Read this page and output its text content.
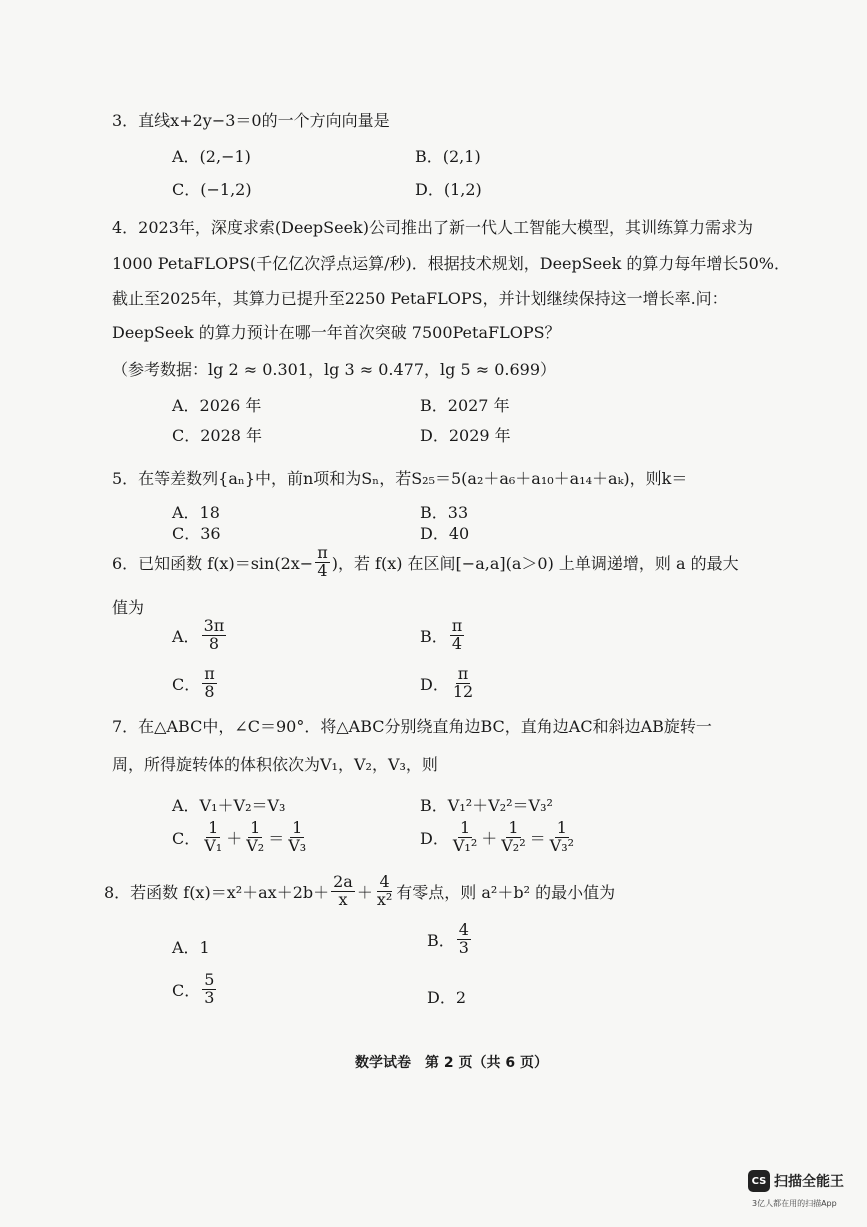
3．直线x+2y−3＝0的一个方向向量是
A．(2,−1)	B．(2,1)
C．(−1,2)	D．(1,2)
4．2023年，深度求索(DeepSeek)公司推出了新一代人工智能大模型，其训练算力需求为
1000 PetaFLOPS(千亿亿次浮点运算/秒)．根据技术规划，DeepSeek 的算力每年增长50%．
截止至2025年，其算力已提升至2250 PetaFLOPS，并计划继续保持这一增长率.问：
DeepSeek 的算力预计在哪一年首次突破 7500PetaFLOPS？
（参考数据：lg 2 ≈ 0.301，lg 3 ≈ 0.477，lg 5 ≈ 0.699）
A．2026 年	B．2027 年
C．2028 年	D．2029 年
5．在等差数列{aₙ}中，前n项和为Sₙ，若S₂₅＝5(a₂＋a₆＋a₁₀＋a₁₄＋aₖ)，则k＝
A．18	B．33
C．36	D．40
6．已知函数 $f(x)=\sin(2x- \frac{\pi}{4}$ )，若 f(x) 在区间[−a,a](a＞0) 上单调递增，则 a 的最大
值为
A． $\frac{3\pi}{8}$	B． $\frac{\pi}{4}$
C． $\frac{\pi}{8}$	D． $\frac{\pi}{12}$
7．在△ABC中，∠C＝90°．将△ABC分别绕直角边BC，直角边AC和斜边AB旋转一
周，所得旋转体的体积依次为V₁，V₂，V₃，则
A．V₁＋V₂＝V₃	B．V₁²＋V₂²＝V₃²
C． $\frac{1}{\text{V₁}} + \frac{1}{\text{V₂}} = \frac{1}{\text{V₃}}$	D． $\frac{1}{\text{V₁²}} + \frac{1}{\text{V₂²}} = \frac{1}{\text{V₃²}}$
8．若函数 $f(x)=x^2+ax+2b+ \frac{2a}{x} + \frac{4}{\text{x²}}$ 有零点，则 a²＋b² 的最小值为
A．1	B． $\frac{4}{3}$
C． $\frac{5}{3}$	D．2
数学试卷　第 2 页（共 6 页）
CS 扫描全能王
3亿人都在用的扫描App
